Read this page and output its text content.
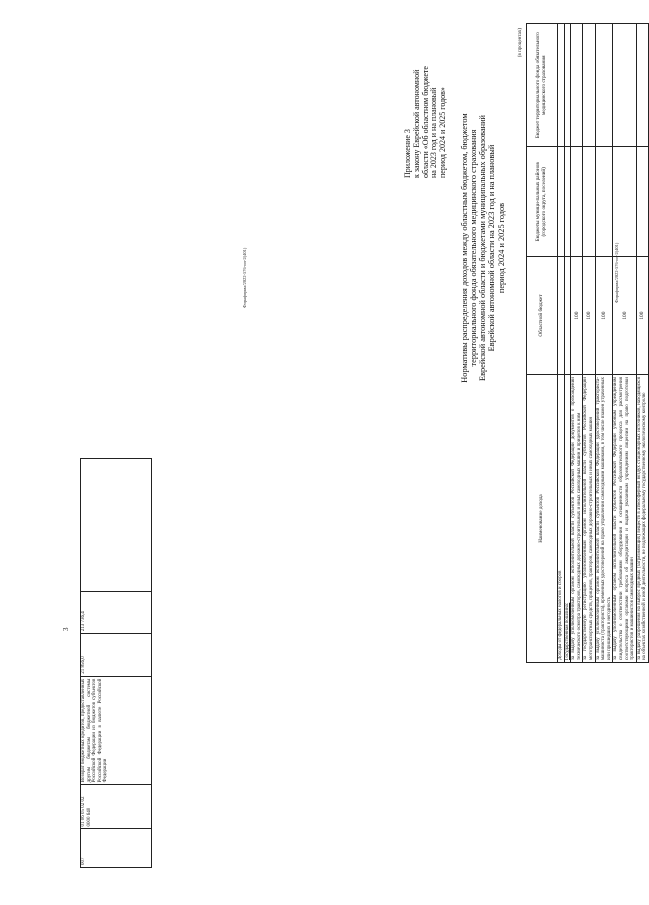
3
007	01 06 05 02 02 0000 640	Возврат бюджетных кредитов, предоставленных другим бюджетам бюджетной системы Российской Федерации из бюджетов субъектов Российской Федерации в валюте Российской Федерации	21 856,0	213 736,4	
Фораформа/2022-576-оп-2(401)
Приложение 3 к закону Еврейской автономной области «Об областном бюджете на 2023 год и на плановый период 2024 и 2025 годов» Нормативы распределения доходов между областным бюджетом, бюджетом территориального фонда обязательного медицинского страхования Еврейской автономной области и бюджетами муниципальных образований Еврейской автономной области на 2023 год и на плановый период 2024 и 2025 годов
(в процентах)
Наименование дохода	Областной бюджет	Бюджеты муници-пальных районов (городского округа, поселений)	Бюджет территориального фонда обязательного медицинского страхования
Доходы от федеральных налогов и сборов			
Государственная пошлина:			
за выдачу уполномоченным органом исполнительной власти субъектов Российской Федерации документов о прохождении технического осмотра тракторов, самоходных дорожно-строительных и иных самоходных машин и прицепов к ним	100		
за государственную регистрацию уполномоченным органом исполнительной власти субъектов Российской Федерации мототранспортных средств, прицепов, тракторов, самоходных дорожно-строительных и иных самоходных машин	100		
за выдачу уполномоченным органом исполнительной власти субъектов Российской Федерации удостоверений тракториста-машиниста (тракториста), временных удостоверений на право управления самоходными машинами, в том числе взамен утраченных или пришедших в негодность	100		
за выдачу уполномоченным органом исполнительной власти субъектов Российской Федерации учебным учреждениям свидетельства о соответствии требованиям оборудования и оснащенности образовательного процесса для рассмотрения соответствующими органами вопроса об аккредитации и выдачи указанным учреждениям лицензии на право подготовки трактористов и машинистов самоходных машин	100		
за выдачу разрешения на выброс вредных (загрязняющих) веществ в атмосферный воздух стационарных источников, находящихся на объектах хозяйственной и иной деятельности, не подлежащих федеральному государственному экологическому контролю	100		
Фораформа/2022-576-оп-2(401)
